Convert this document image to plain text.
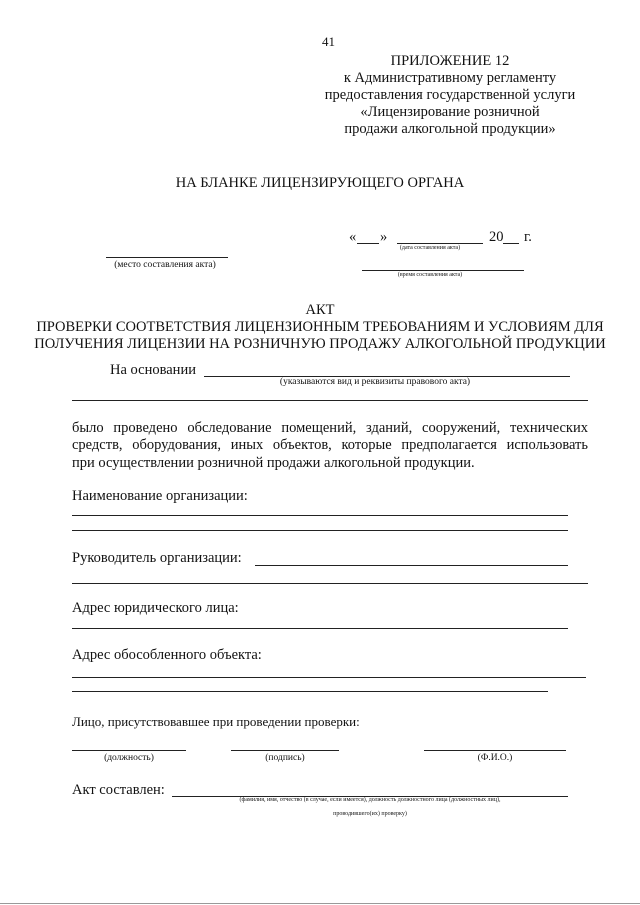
41
ПРИЛОЖЕНИЕ 12
к Административному регламенту
предоставления государственной услуги
«Лицензирование розничной
продажи алкогольной продукции»
НА БЛАНКЕ ЛИЦЕНЗИРУЮЩЕГО ОРГАНА
« »	20 г.
(дата составления акта)
(место составления акта)
(время составления акта)
АКТ
ПРОВЕРКИ СООТВЕТСТВИЯ ЛИЦЕНЗИОННЫМ ТРЕБОВАНИЯМ И УСЛОВИЯМ ДЛЯ
ПОЛУЧЕНИЯ ЛИЦЕНЗИИ НА РОЗНИЧНУЮ ПРОДАЖУ АЛКОГОЛЬНОЙ ПРОДУКЦИИ
На основании
(указываются вид и реквизиты правового акта)
было проведено обследование помещений, зданий, сооружений, технических
средств, оборудования, иных объектов, которые предполагается использовать
при осуществлении розничной продажи алкогольной продукции.
Наименование организации:
Руководитель организации:
Адрес юридического лица:
Адрес обособленного объекта:
Лицо, присутствовавшее при проведении проверки:
(должность)	(подпись)	(Ф.И.О.)
Акт составлен:
(фамилия, имя, отчество (в случае, если имеется), должность должностного лица (должностных лиц),
проводившего(их) проверку)
